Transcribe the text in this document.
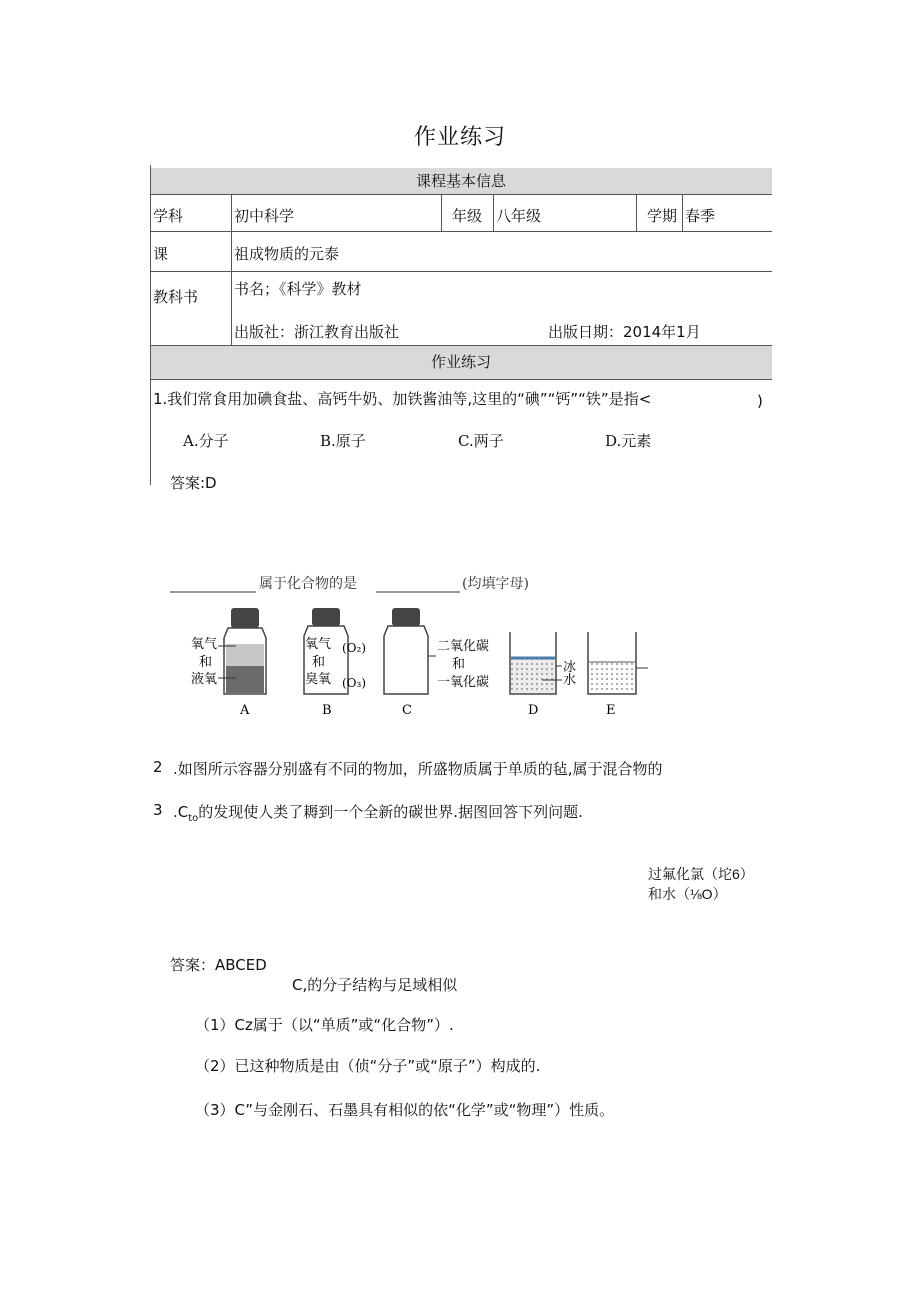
作业练习
课程基本信息
作业练习
学科	初中科学	年级 八年级	学期 春季
课	祖成物质的元泰
教科书 书名；《科学》教材
出版社：浙江教育出版社	出版日期：2014年1月
1.我们常食用加碘食盐、高钙牛奶、加铁酱油等,这里的“碘”“钙”“铁”是指<	)
A.分子	B.原子	C.两子	D.元素
答案:D
属于化合物的是	(均填字母)
氧气
和
液氧
氧气
和
臭氧
(O₂)
(O₃)
二氧化碳
和
一氧化碳
冰
水
A	B	C	D	E
2 .如图所示容器分别盛有不同的物加，所盛物质属于单质的毡,属于混合物的
3 $.C_{to}$的发现使人类了耨到一个全新的碳世界.据图回答下列问题.
过氟化氯（坨6）
和水（⅛O）
答案：ABCED
C,的分子结构与足域相似
（1）Cz属于（以“单质”或“化合物”）.
（2）已这种物质是由（侦“分子”或“原子”）构成的.
（3）C”与金刚石、石墨具有相似的依“化学”或“物理”）性质。
